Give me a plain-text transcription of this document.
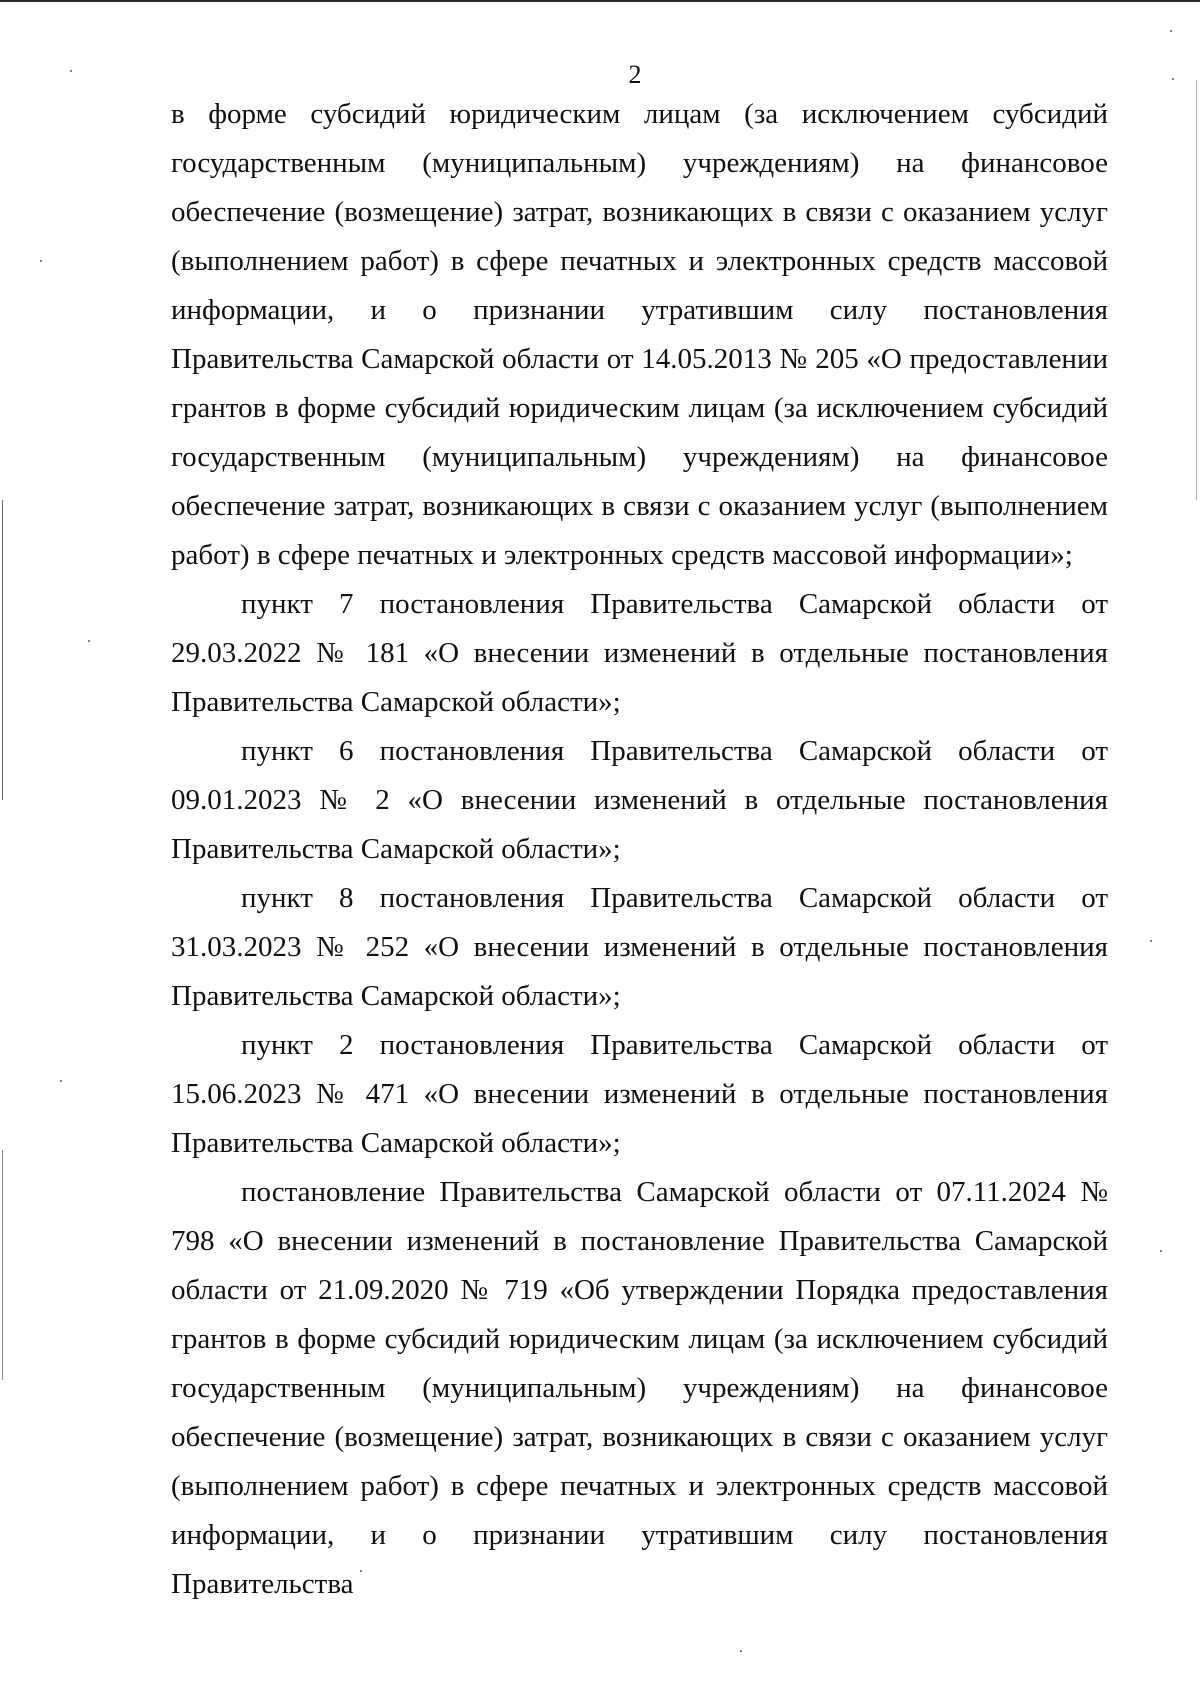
2

в форме субсидий юридическим лицам (за исключением субсидий государственным (муниципальным) учреждениям) на финансовое обеспечение (возмещение) затрат, возникающих в связи с оказанием услуг (выполнением работ) в сфере печатных и электронных средств массовой информации, и о признании утратившим силу постановления Правительства Самарской области от 14.05.2013 № 205 «О предоставлении грантов в форме субсидий юридическим лицам (за исключением субсидий государственным (муниципальным) учреждениям) на финансовое обеспечение затрат, возникающих в связи с оказанием услуг (выполнением работ) в сфере печатных и электронных средств массовой информации»;

пункт 7 постановления Правительства Самарской области от 29.03.2022 № 181 «О внесении изменений в отдельные постановления Правительства Самарской области»;

пункт 6 постановления Правительства Самарской области от 09.01.2023 № 2 «О внесении изменений в отдельные постановления Правительства Самарской области»;

пункт 8 постановления Правительства Самарской области от 31.03.2023 № 252 «О внесении изменений в отдельные постановления Правительства Самарской области»;

пункт 2 постановления Правительства Самарской области от 15.06.2023 № 471 «О внесении изменений в отдельные постановления Правительства Самарской области»;

постановление Правительства Самарской области от 07.11.2024 № 798 «О внесении изменений в постановление Правительства Самарской области от 21.09.2020 № 719 «Об утверждении Порядка предоставления грантов в форме субсидий юридическим лицам (за исключением субсидий государственным (муниципальным) учреждениям) на финансовое обеспечение (возмещение) затрат, возникающих в связи с оказанием услуг (выполнением работ) в сфере печатных и электронных средств массовой информации, и о признании утратившим силу постановления Правительства
